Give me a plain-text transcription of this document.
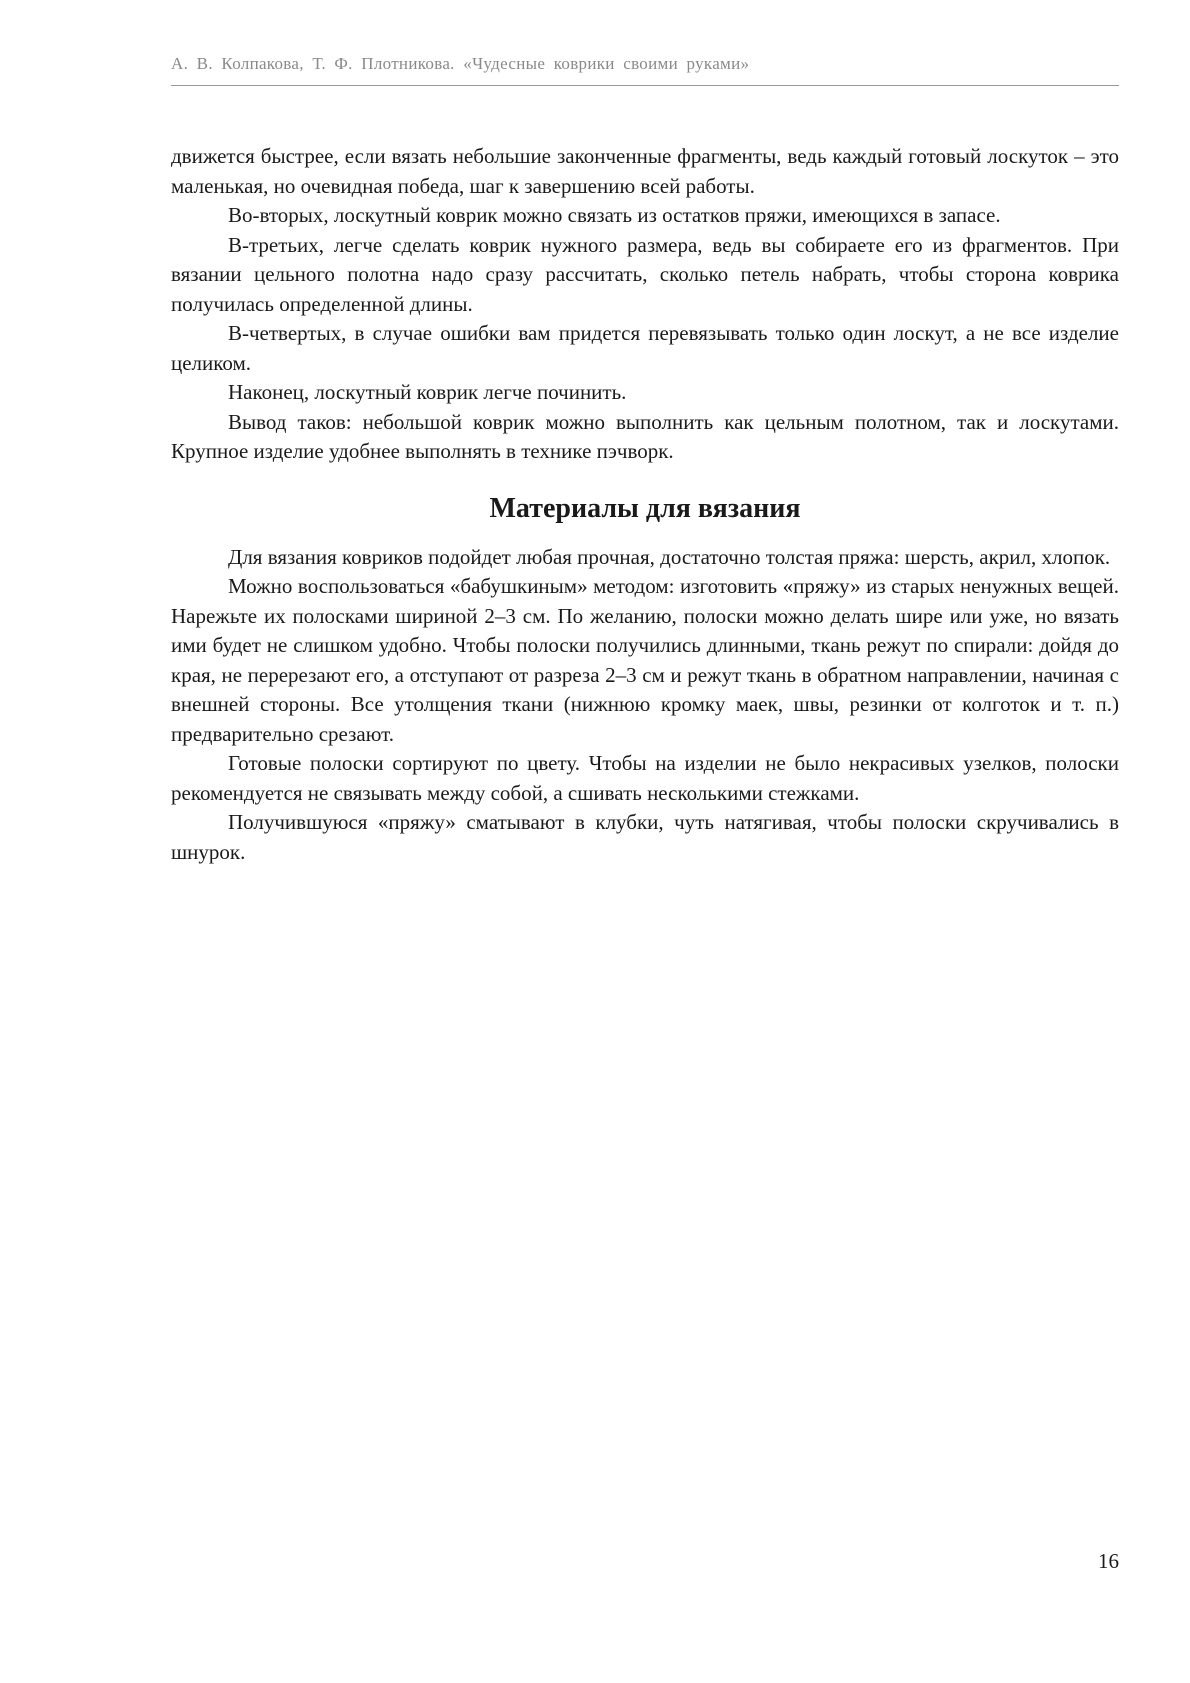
А. В. Колпакова, Т. Ф. Плотникова. «Чудесные коврики своими руками»

движется быстрее, если вязать небольшие законченные фрагменты, ведь каждый готовый лоскуток – это маленькая, но очевидная победа, шаг к завершению всей работы.

Во-вторых, лоскутный коврик можно связать из остатков пряжи, имеющихся в запасе.

В-третьих, легче сделать коврик нужного размера, ведь вы собираете его из фрагментов. При вязании цельного полотна надо сразу рассчитать, сколько петель набрать, чтобы сторона коврика получилась определенной длины.

В-четвертых, в случае ошибки вам придется перевязывать только один лоскут, а не все изделие целиком.

Наконец, лоскутный коврик легче починить.

Вывод таков: небольшой коврик можно выполнить как цельным полотном, так и лоскутами. Крупное изделие удобнее выполнять в технике пэчворк.

Материалы для вязания

Для вязания ковриков подойдет любая прочная, достаточно толстая пряжа: шерсть, акрил, хлопок.

Можно воспользоваться «бабушкиным» методом: изготовить «пряжу» из старых ненужных вещей. Нарежьте их полосками шириной 2–3 см. По желанию, полоски можно делать шире или уже, но вязать ими будет не слишком удобно. Чтобы полоски получились длинными, ткань режут по спирали: дойдя до края, не перерезают его, а отступают от разреза 2–3 см и режут ткань в обратном направлении, начиная с внешней стороны. Все утолщения ткани (нижнюю кромку маек, швы, резинки от колготок и т. п.) предварительно срезают.

Готовые полоски сортируют по цвету. Чтобы на изделии не было некрасивых узелков, полоски рекомендуется не связывать между собой, а сшивать несколькими стежками.

Получившуюся «пряжу» сматывают в клубки, чуть натягивая, чтобы полоски скручивались в шнурок.

16
